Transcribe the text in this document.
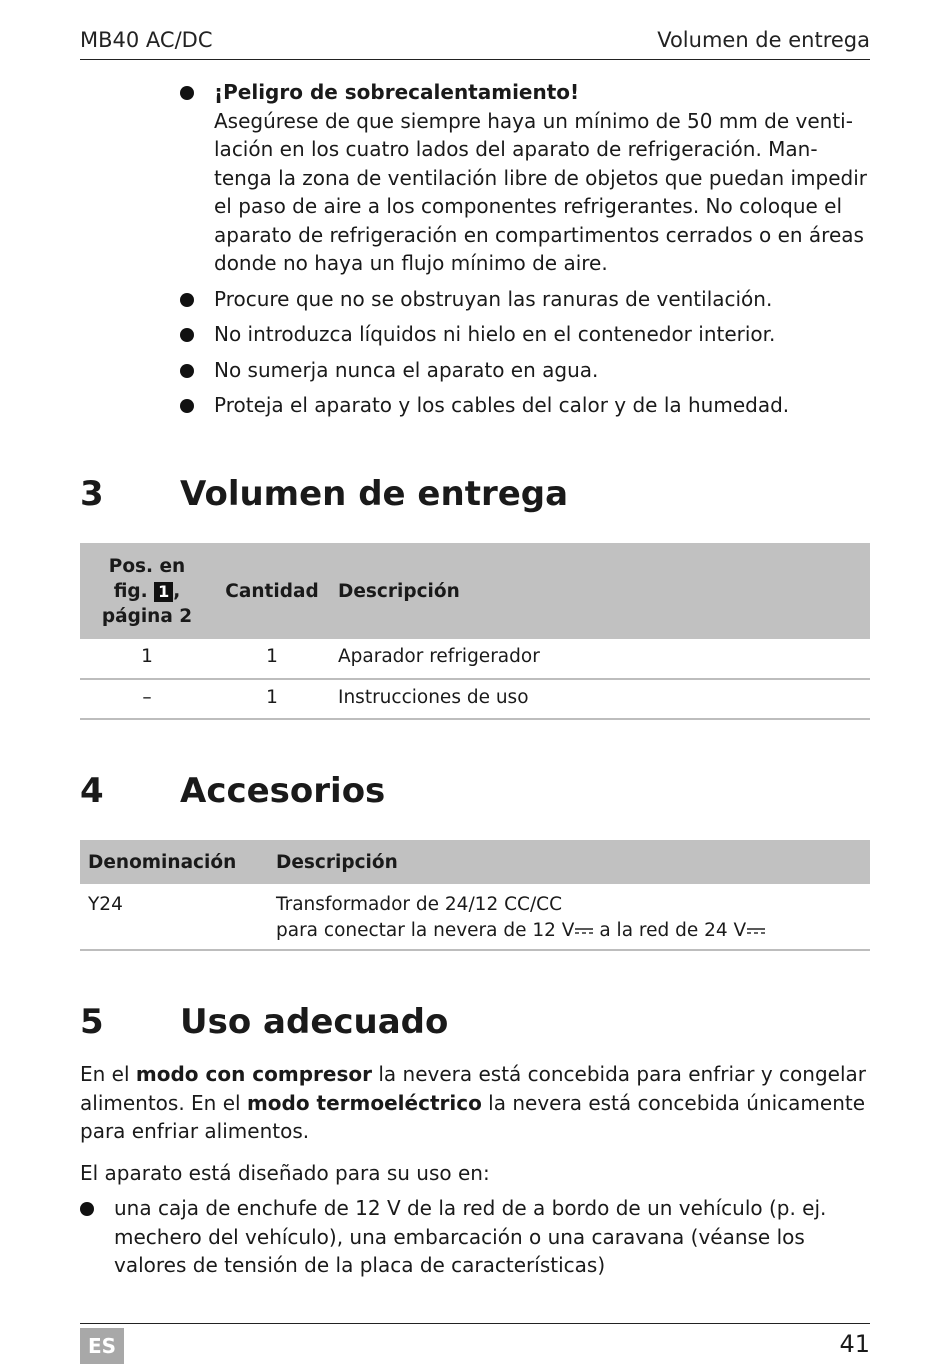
MB40 AC/DC	Volumen de entrega
¡Peligro de sobrecalentamiento!
Asegúrese de que siempre haya un mínimo de 50 mm de venti-lación en los cuatro lados del aparato de refrigeración. Man-tenga la zona de ventilación libre de objetos que puedan impedir el paso de aire a los componentes refrigerantes. No coloque el aparato de refrigeración en compartimentos cerrados o en áreas donde no haya un flujo mínimo de aire.
Procure que no se obstruyan las ranuras de ventilación.
No introduzca líquidos ni hielo en el contenedor interior.
No sumerja nunca el aparato en agua.
Proteja el aparato y los cables del calor y de la humedad.
3 Volumen de entrega
Pos. en
fig. 1 ,
página 2	Cantidad	Descripción
1	1	Aparador refrigerador
–	1	Instrucciones de uso
4 Accesorios
Denominación	Descripción
Y24	Transformador de 24/12 CC/CC
para conectar la nevera de 12 V a la red de 24 V
5 Uso adecuado

En el modo con compresor la nevera está concebida para enfriar y congelar alimentos. En el modo termoeléctrico la nevera está concebida únicamente para enfriar alimentos.

El aparato está diseñado para su uso en:

una caja de enchufe de 12 V de la red de a bordo de un vehículo (p. ej. mechero del vehículo), una embarcación o una caravana (véanse los valores de tensión de la placa de características)
ES	41
